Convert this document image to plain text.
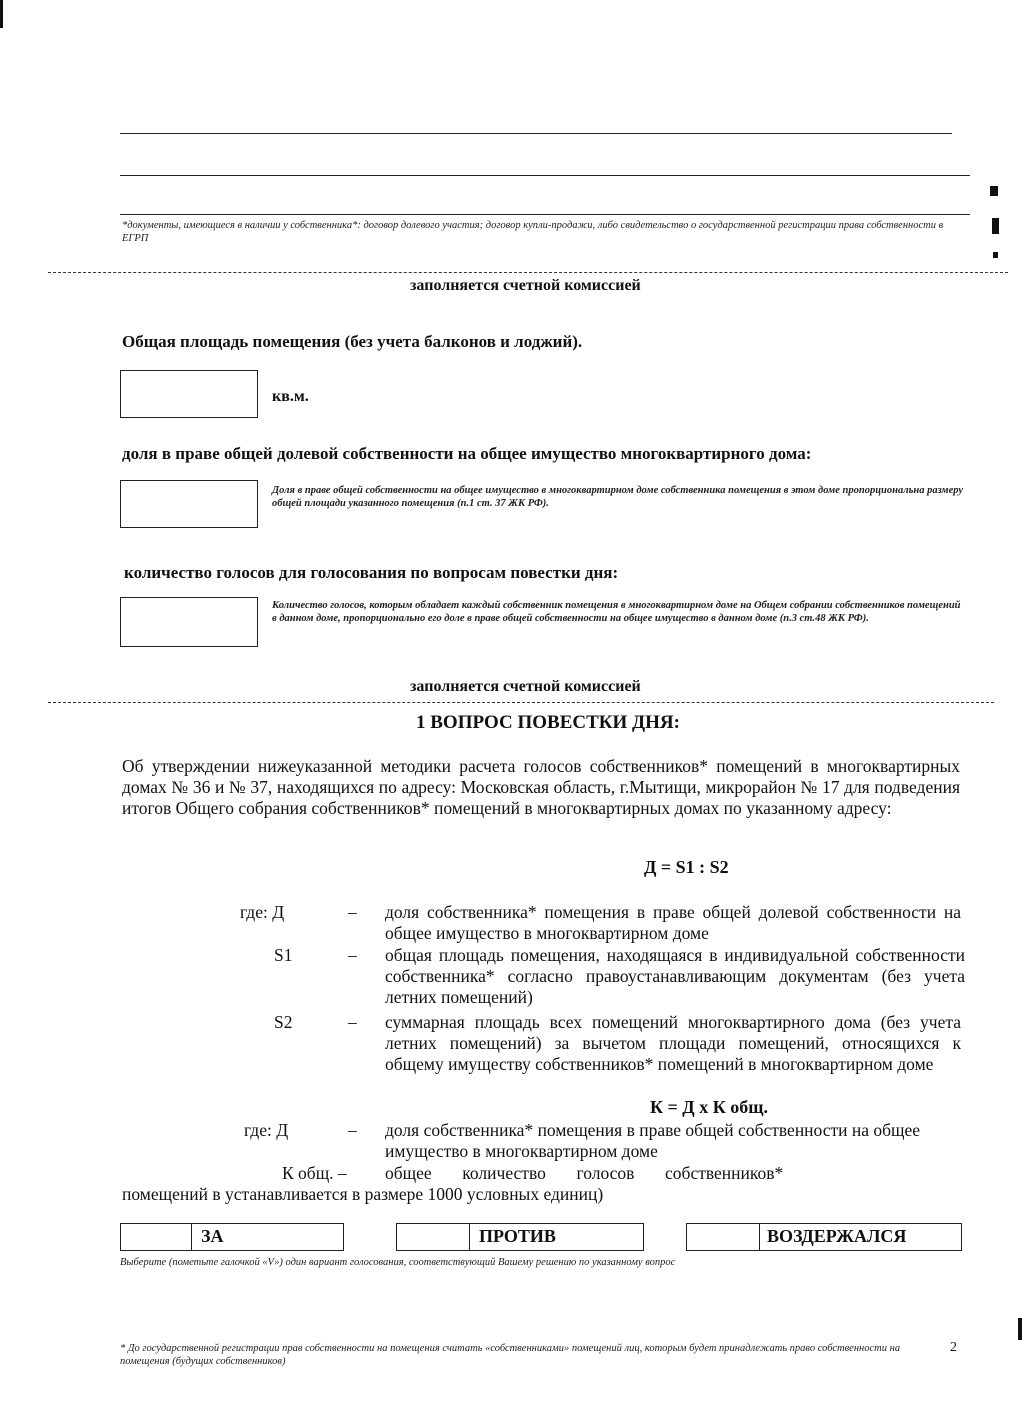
*документы, имеющиеся в наличии у собственника*: договор долевого участия; договор купли-продажи, либо свидетельство о государственной регистрации права собственности в ЕГРП
заполняется счетной комиссией
Общая площадь помещения (без учета балконов и лоджий).
кв.м.
доля в праве общей долевой собственности на общее имущество многоквартирного дома:
Доля в праве общей собственности на общее имущество в многоквартирном доме собственника помещения в этом доме пропорциональна размеру общей площади указанного помещения (п.1 ст. 37 ЖК РФ).
количество голосов для голосования по вопросам повестки дня:
Количество голосов, которым обладает каждый собственник помещения в многоквартирном доме на Общем собрании собственников помещений в данном доме, пропорционально его доле в праве общей собственности на общее имущество в данном доме (п.3 ст.48 ЖК РФ).
заполняется счетной комиссией
1 ВОПРОС ПОВЕСТКИ ДНЯ:
Об утверждении нижеуказанной методики расчета голосов собственников* помещений в многоквартирных домах № 36 и № 37, находящихся по адресу: Московская область, г.Мытищи, микрорайон № 17 для подведения итогов Общего собрания собственников* помещений в многоквартирных домах по указанному адресу:
Д = S1 : S2
где: Д	– доля собственника* помещения в праве общей долевой собственности на общее имущество в многоквартирном доме
S1	– общая площадь помещения, находящаяся в индивидуальной собственности собственника* согласно правоустанавливающим документам (без учета летних помещений)
S2	– суммарная площадь всех помещений многоквартирного дома (без учета летних помещений) за вычетом площади помещений, относящихся к общему имуществу собственников* помещений в многоквартирном доме
К = Д х К общ.
где: Д	– доля собственника* помещения в праве общей собственности на общее имущество в многоквартирном доме
К общ. – общее       количество       голосов       собственников*
помещений в устанавливается в размере 1000 условных единиц)
ЗА	ПРОТИВ	ВОЗДЕРЖАЛСЯ
Выберите (пометьте галочкой «V») один вариант голосования, соответствующий Вашему решению по указанному вопрос
* До государственной регистрации прав собственности на помещения считать «собственниками» помещений лиц, которым будет принадлежать право собственности на помещения (будущих собственников)
2
